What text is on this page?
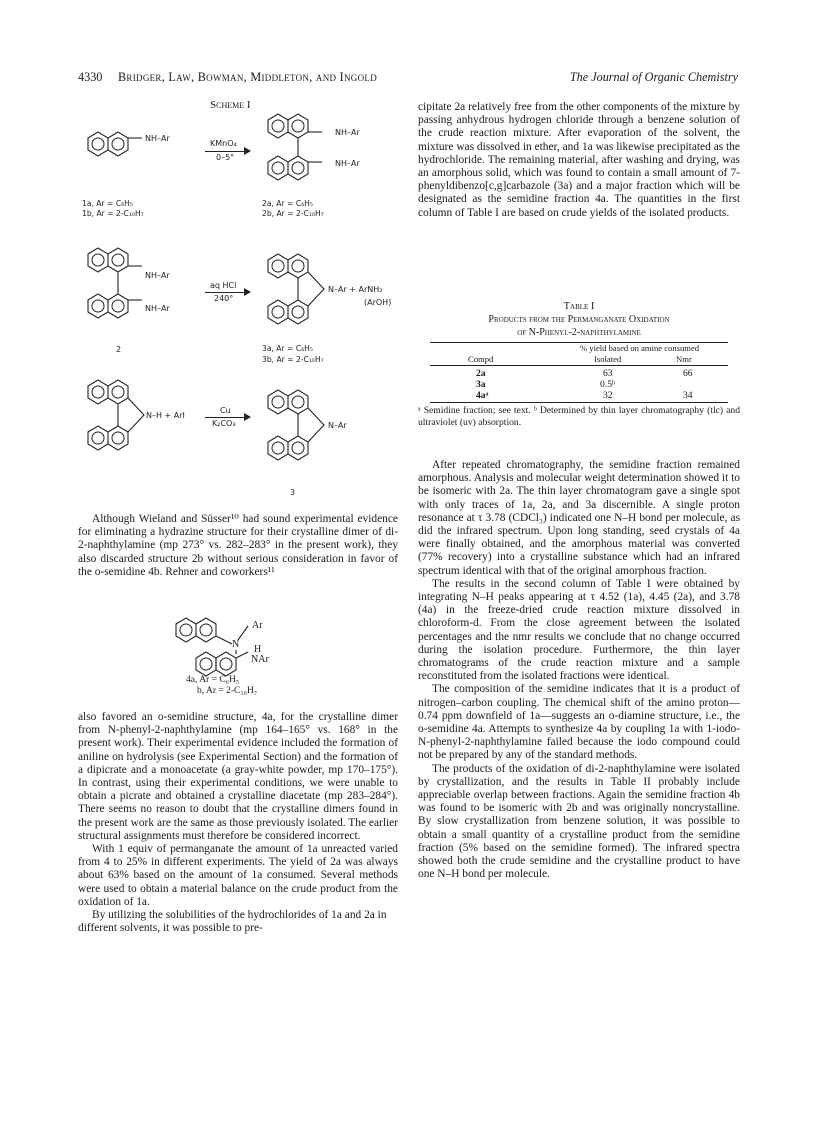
4330 Bridger, Law, Bowman, Middleton, and Ingold	The Journal of Organic Chemistry
Scheme I
NH–Ar
KMnO₄
0–5°
NH–Ar
NH–Ar
1a, Ar = C₆H₅
1b, Ar = 2-C₁₀H₇
2a, Ar = C₆H₅
2b, Ar = 2-C₁₀H₇
NH–Ar
NH–Ar
aq HCl
240°
N–Ar + ArNH₂
(ArOH)
2	3a, Ar = C₆H₅
3b, Ar = 2-C₁₀H₇
N–H + ArI
Cu
K₂CO₃	N–Ar
3

Although Wieland and Süsser¹⁰ had sound experimental evidence for eliminating a hydrazine structure for their crystalline dimer of di-2-naphthylamine (mp 273° vs. 282–283° in the present work), they also discarded structure 2b without serious consideration in favor of the o-semidine 4b. Rehner and coworkers¹¹

Ar
N H
NAr
4a, Ar = C₆H₅
b, Ar = 2-C₁₀H₇

also favored an o-semidine structure, 4a, for the crystalline dimer from N-phenyl-2-naphthylamine (mp 164–165° vs. 168° in the present work). Their experimental evidence included the formation of aniline on hydrolysis (see Experimental Section) and the formation of a dipicrate and a monoacetate (a gray-white powder, mp 170–175°). In contrast, using their experimental conditions, we were unable to obtain a picrate and obtained a crystalline diacetate (mp 283–284°). There seems no reason to doubt that the crystalline dimers found in the present work are the same as those previously isolated. The earlier structural assignments must therefore be considered incorrect.

With 1 equiv of permanganate the amount of 1a unreacted varied from 4 to 25% in different experiments. The yield of 2a was always about 63% based on the amount of 1a consumed. Several methods were used to obtain a material balance on the crude product from the oxidation of 1a.

By utilizing the solubilities of the hydrochlorides of 1a and 2a in different solvents, it was possible to pre-

cipitate 2a relatively free from the other components of the mixture by passing anhydrous hydrogen chloride through a benzene solution of the crude reaction mixture. After evaporation of the solvent, the mixture was dissolved in ether, and 1a was likewise precipitated as the hydrochloride. The remaining material, after washing and drying, was an amorphous solid, which was found to contain a small amount of 7-phenyldibenzo[c,g]carbazole (3a) and a major fraction which will be designated as the semidine fraction 4a. The quantities in the first column of Table I are based on crude yields of the isolated products.

Table I
Products from the Permanganate Oxidation
of N-Phenyl-2-naphthylamine
% yield based on amine consumed
Compd	Isolated	Nmr
2a	63	66
3a	0.5ᵇ
4aᵃ	32	34
ᵃ Semidine fraction; see text. ᵇ Determined by thin layer chromatography (tlc) and ultraviolet (uv) absorption.

After repeated chromatography, the semidine fraction remained amorphous. Analysis and molecular weight determination showed it to be isomeric with 2a. The thin layer chromatogram gave a single spot with only traces of 1a, 2a, and 3a discernible. A single proton resonance at τ 3.78 (CDCl₃) indicated one N–H bond per molecule, as did the infrared spectrum. Upon long standing, seed crystals of 4a were finally obtained, and the amorphous material was converted (77% recovery) into a crystalline substance which had an infrared spectrum identical with that of the original amorphous fraction.

The results in the second column of Table I were obtained by integrating N–H peaks appearing at τ 4.52 (1a), 4.45 (2a), and 3.78 (4a) in the freeze-dried crude reaction mixture dissolved in chloroform-d. From the close agreement between the isolated percentages and the nmr results we conclude that no change occurred during the isolation procedure. Furthermore, the thin layer chromatograms of the crude reaction mixture and a sample reconstituted from the isolated fractions were identical.

The composition of the semidine indicates that it is a product of nitrogen–carbon coupling. The chemical shift of the amino proton—0.74 ppm downfield of 1a—suggests an o-diamine structure, i.e., the o-semidine 4a. Attempts to synthesize 4a by coupling 1a with 1-iodo-N-phenyl-2-naphthylamine failed because the iodo compound could not be prepared by any of the standard methods.

The products of the oxidation of di-2-naphthylamine were isolated by crystallization, and the results in Table II probably include appreciable overlap between fractions. Again the semidine fraction 4b was found to be isomeric with 2b and was originally noncrystalline. By slow crystallization from benzene solution, it was possible to obtain a small quantity of a crystalline product from the semidine fraction (5% based on the semidine formed). The infrared spectra showed both the crude semidine and the crystalline product to have one N–H bond per molecule.
